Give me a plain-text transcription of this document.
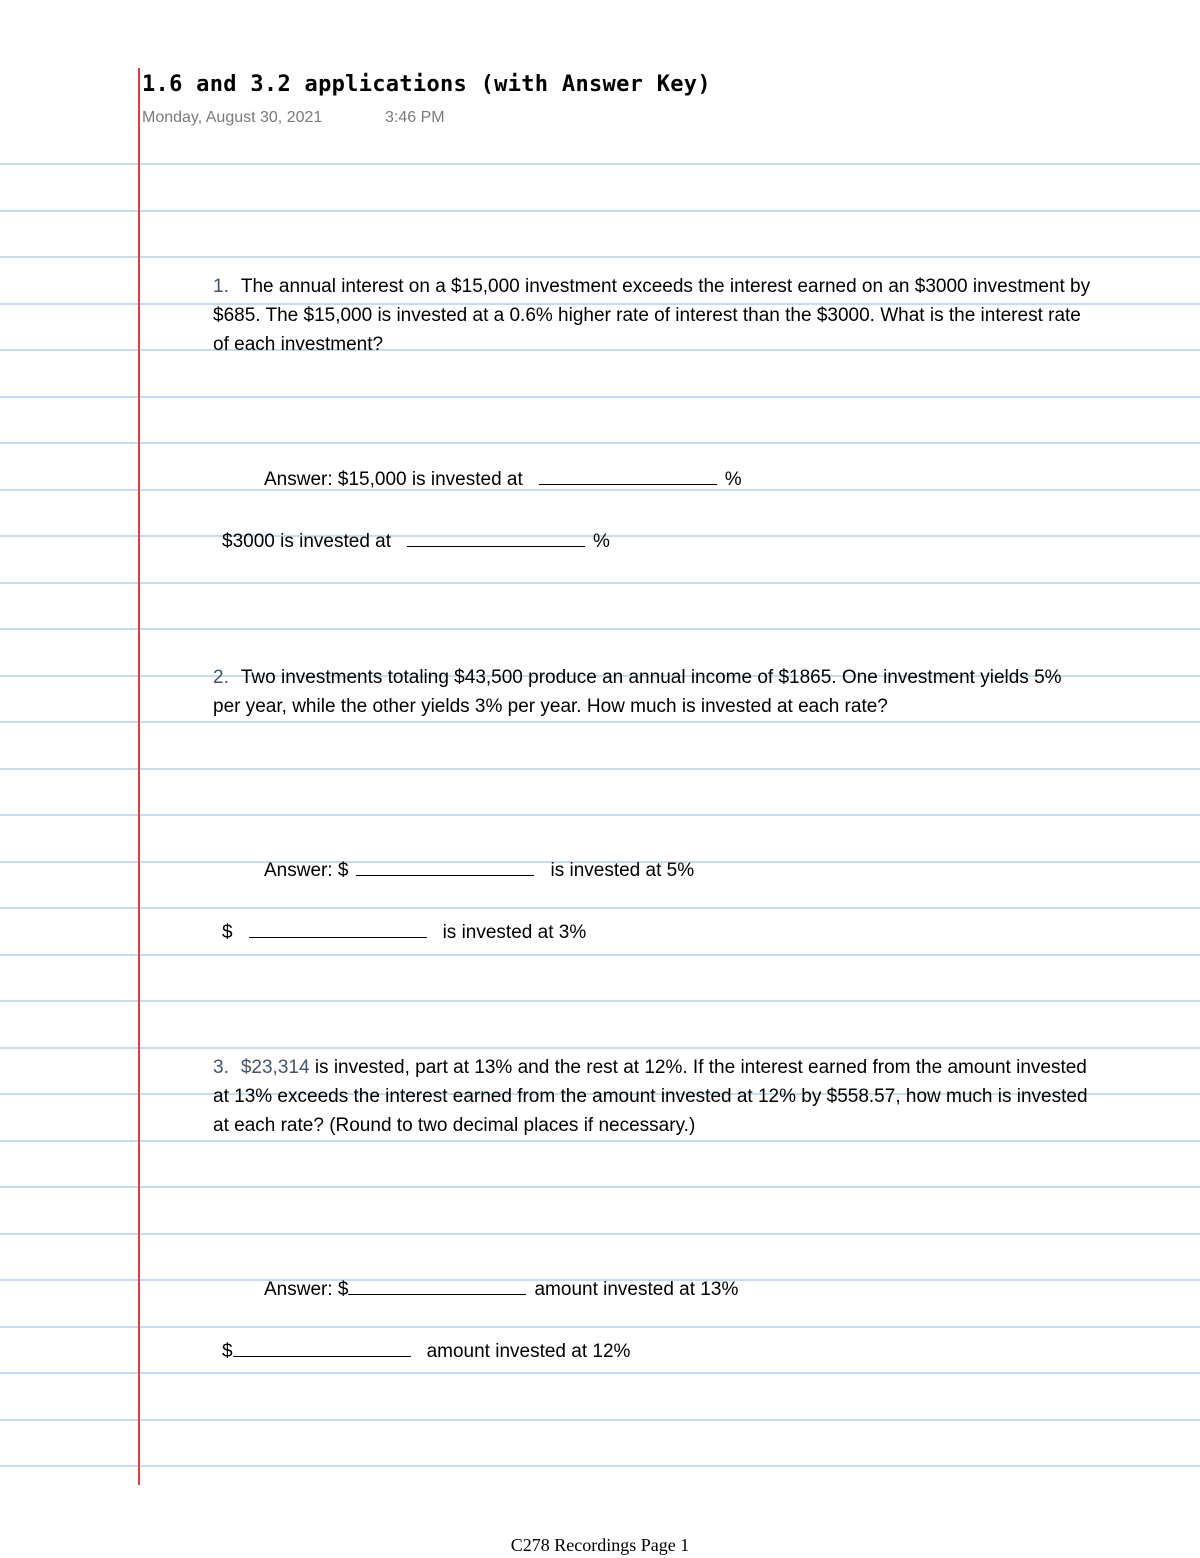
1.6 and 3.2 applications (with Answer Key)
Monday, August 30, 2021	3:46 PM

1. The annual interest on a $15,000 investment exceeds the interest earned on an $3000 investment by $685. The $15,000 is invested at a 0.6% higher rate of interest than the $3000. What is the interest rate of each investment?

Answer: $15,000 is invested at	%
$3000 is invested at	%

2. Two investments totaling $43,500 produce an annual income of $1865. One investment yields 5% per year, while the other yields 3% per year. How much is invested at each rate?

Answer: $	is invested at 5%
$	is invested at 3%

3. $23,314 is invested, part at 13% and the rest at 12%. If the interest earned from the amount invested at 13% exceeds the interest earned from the amount invested at 12% by $558.57, how much is invested at each rate? (Round to two decimal places if necessary.)

Answer: $	amount invested at 13%
$	amount invested at 12%
C278 Recordings Page 1
